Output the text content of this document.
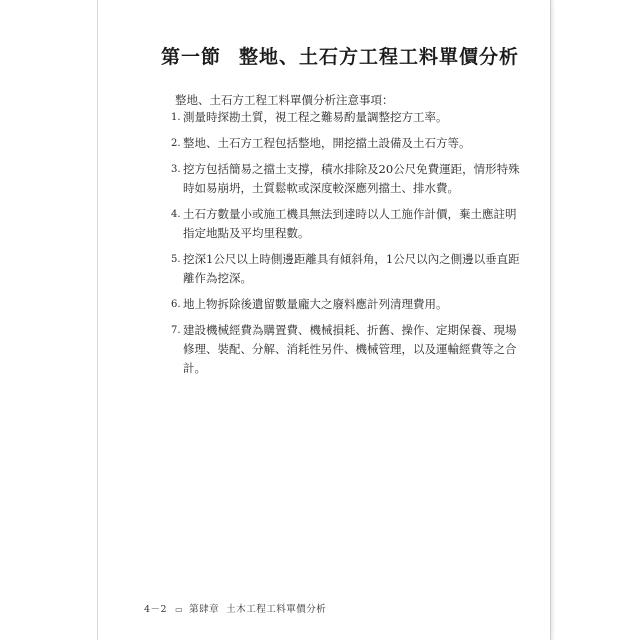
第一節 整地、土石方工程工料單價分析
整地、土石方工程工料單價分析注意事項：
1. 測量時探勘土質，視工程之難易酌量調整挖方工率。
2. 整地、土石方工程包括整地，開挖擋土設備及土石方等。
3. 挖方包括簡易之擋土支撐，積水排除及20公尺免費運距，情形特殊
時如易崩坍，土質鬆軟或深度較深應列擋土、排水費。
4. 土石方數量小或施工機具無法到達時以人工施作計價，棄土應註明
指定地點及平均里程數。
5. 挖深1公尺以上時側邊距離具有傾斜角，1公尺以內之側邊以垂直距
離作為挖深。
6. 地上物拆除後遺留數量龐大之廢料應計列清理費用。
7. 建設機械經費為購置費、機械損耗、折舊、操作、定期保養、現場
修理、裝配、分解、消耗性另件、機械管理，以及運輸經費等之合
計。
4－2 ▭ 第肆章 土木工程工料單價分析
